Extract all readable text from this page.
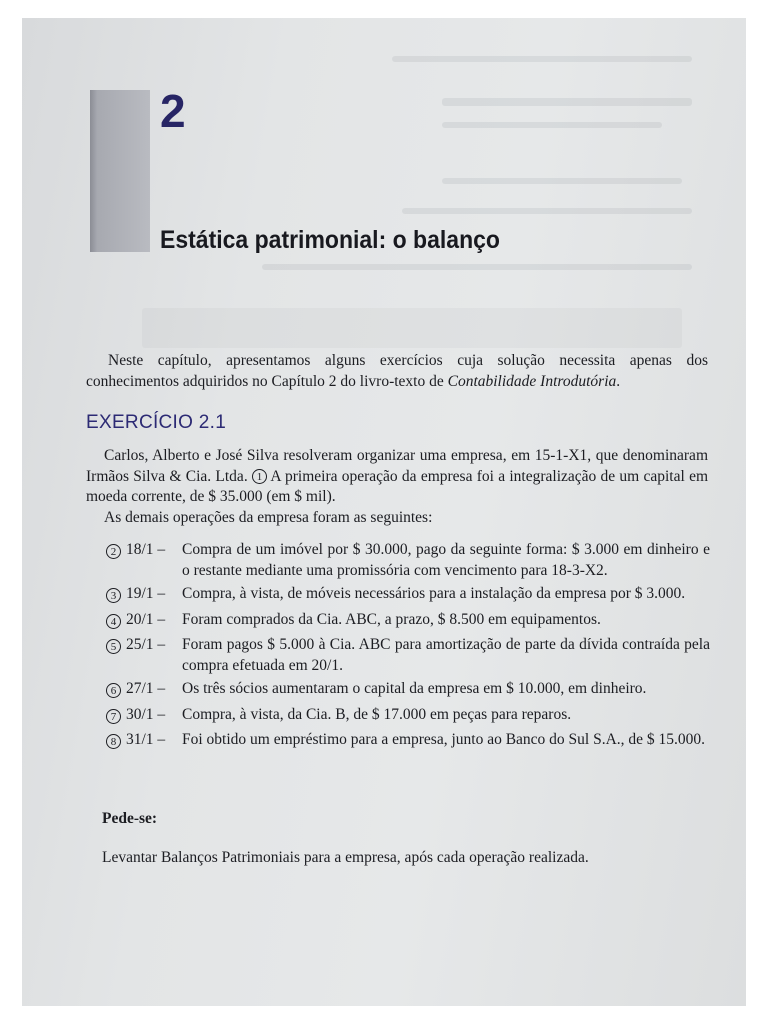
2
Estática patrimonial: o balanço

Neste capítulo, apresentamos alguns exercícios cuja solução necessita apenas dos conhecimentos adquiridos no Capítulo 2 do livro-texto de Contabilidade Introdutória.

EXERCÍCIO 2.1

Carlos, Alberto e José Silva resolveram organizar uma empresa, em 15-1-X1, que denominaram Irmãos Silva & Cia. Ltda. 1 A primeira operação da empresa foi a integralização de um capital em moeda corrente, de $ 35.000 (em $ mil).

As demais operações da empresa foram as seguintes:

2 18/1 –	Compra de um imóvel por $ 30.000, pago da seguinte forma: $ 3.000 em dinheiro e o restante mediante uma promissória com vencimento para 18-3-X2.
3 19/1 –	Compra, à vista, de móveis necessários para a instalação da empresa por $ 3.000.
4 20/1 –	Foram comprados da Cia. ABC, a prazo, $ 8.500 em equipamentos.
5 25/1 –	Foram pagos $ 5.000 à Cia. ABC para amortização de parte da dívida contraída pela compra efetuada em 20/1.
6 27/1 –	Os três sócios aumentaram o capital da empresa em $ 10.000, em dinheiro.
7 30/1 –	Compra, à vista, da Cia. B, de $ 17.000 em peças para reparos.
8 31/1 –	Foi obtido um empréstimo para a empresa, junto ao Banco do Sul S.A., de $ 15.000.

Pede-se:

Levantar Balanços Patrimoniais para a empresa, após cada operação realizada.
